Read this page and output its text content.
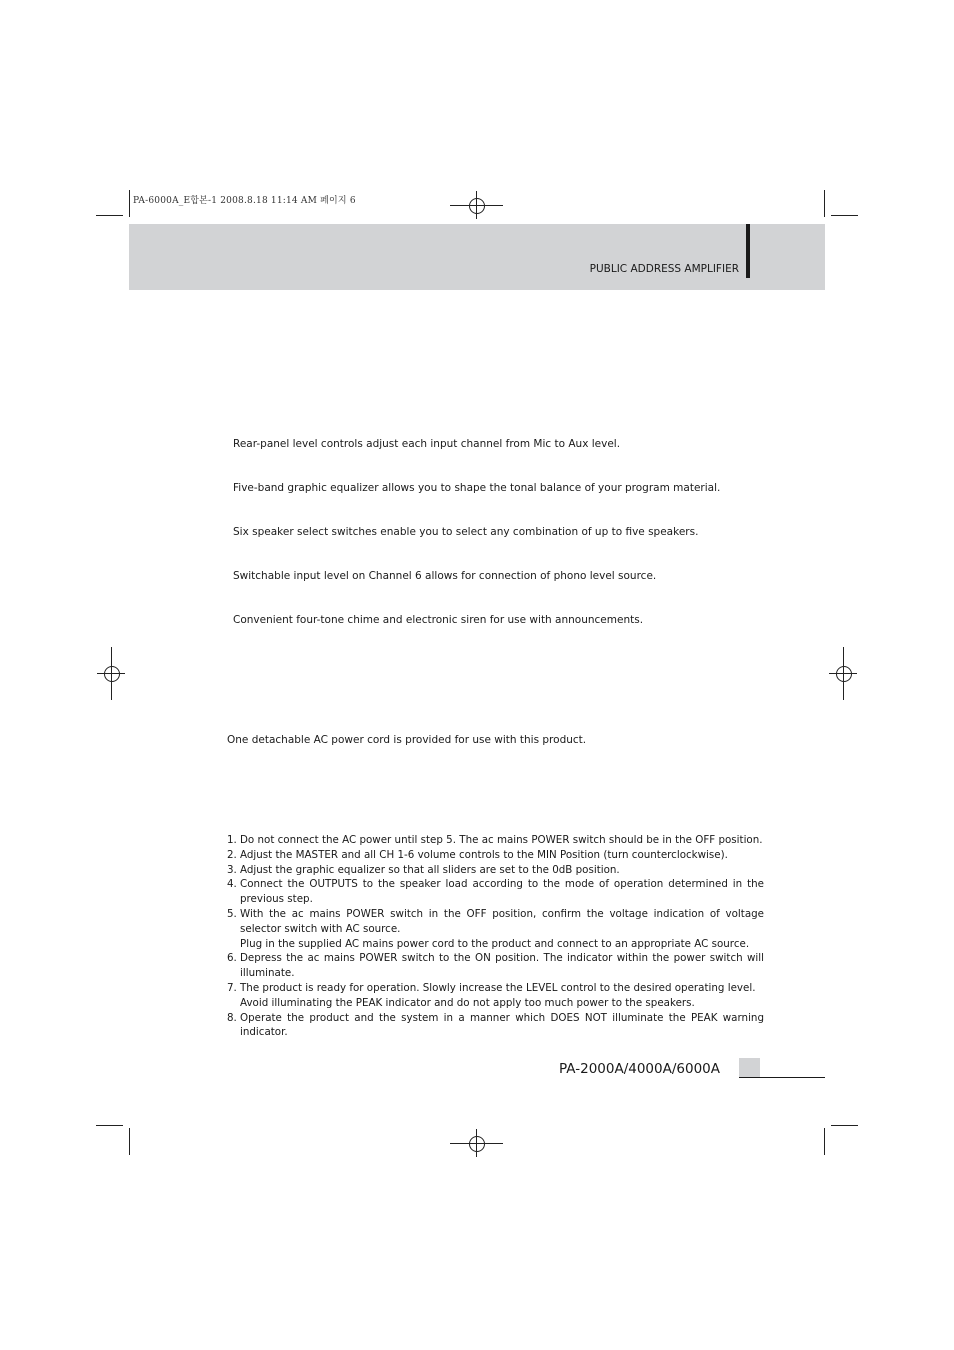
PA-6000A_E합본-1 2008.8.18 11:14 AM 페이지 6
PUBLIC ADDRESS AMPLIFIER
Rear-panel level controls adjust each input channel from Mic to Aux level.
Five-band graphic equalizer allows you to shape the tonal balance of your program material.
Six speaker select switches enable you to select any combination of up to five speakers.
Switchable input level on Channel 6 allows for connection of phono level source.
Convenient four-tone chime and electronic siren for use with announcements.
One detachable AC power cord is provided for use with this product.
1. Do not connect the AC power until step 5. The ac mains POWER switch should be in the OFF position.

2. Adjust the MASTER and all CH 1-6 volume controls to the MIN Position (turn counterclockwise).

3. Adjust the graphic equalizer so that all sliders are set to the 0dB position.

4. Connect the OUTPUTS to the speaker load according to the mode of operation determined in the previous step.

5. With the ac mains POWER switch in the OFF position, confirm the voltage indication of voltage selector switch with AC source.

Plug in the supplied AC mains power cord to the product and connect to an appropriate AC source.

6. Depress the ac mains POWER switch to the ON position. The indicator within the power switch will illuminate.

7. The product is ready for operation. Slowly increase the LEVEL control to the desired operating level.

Avoid illuminating the PEAK indicator and do not apply too much power to the speakers.

8. Operate the product and the system in a manner which DOES NOT illuminate the PEAK warning indicator.

PA-2000A/4000A/6000A
